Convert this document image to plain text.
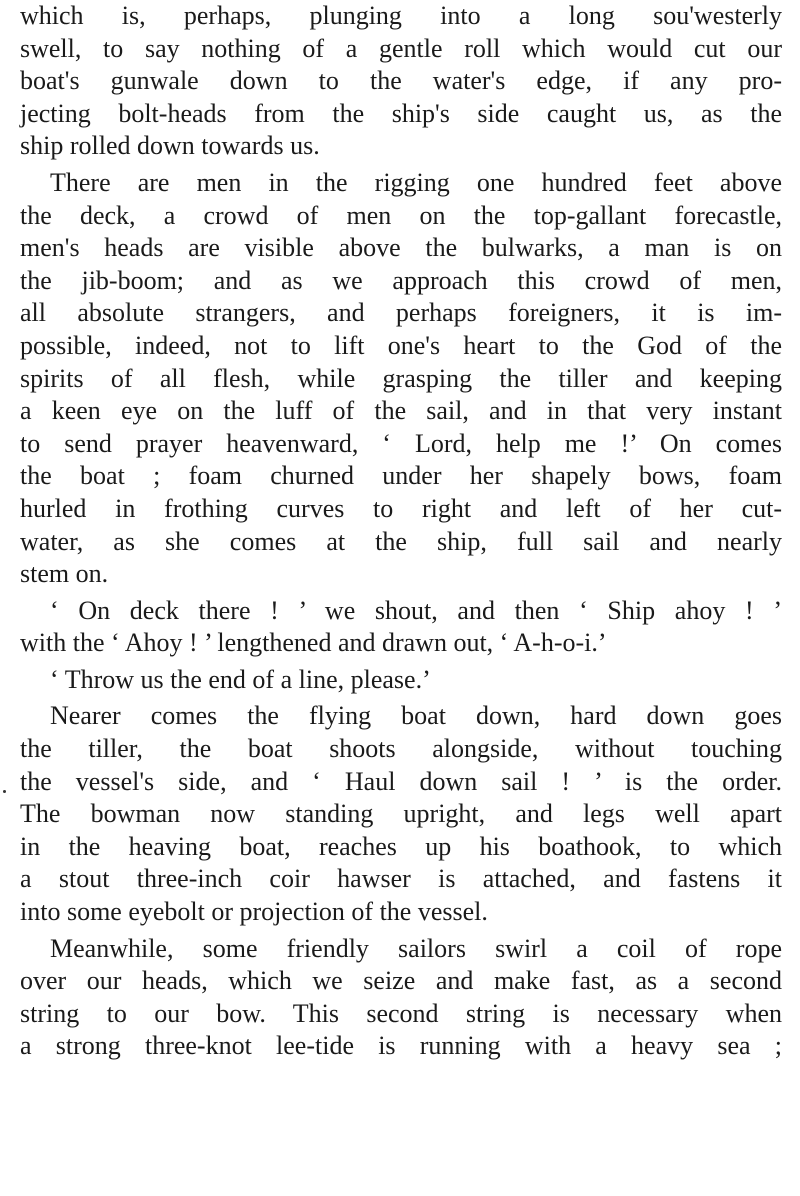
which is, perhaps, plunging into a long sou'westerly
swell, to say nothing of a gentle roll which would cut our
boat's gunwale down to the water's edge, if any pro-
jecting bolt-heads from the ship's side caught us, as the
ship rolled down towards us.
There are men in the rigging one hundred feet above
the deck, a crowd of men on the top-gallant forecastle,
men's heads are visible above the bulwarks, a man is on
the jib-boom; and as we approach this crowd of men,
all absolute strangers, and perhaps foreigners, it is im-
possible, indeed, not to lift one's heart to the God of the
spirits of all flesh, while grasping the tiller and keeping
a keen eye on the luff of the sail, and in that very instant
to send prayer heavenward, ‘ Lord, help me !’ On comes
the boat ; foam churned under her shapely bows, foam
hurled in frothing curves to right and left of her cut-
water, as she comes at the ship, full sail and nearly
stem on.
‘ On deck there ! ’ we shout, and then ‘ Ship ahoy ! ’
with the ‘ Ahoy ! ’ lengthened and drawn out, ‘ A-h-o-i.’
‘ Throw us the end of a line, please.’
Nearer comes the flying boat down, hard down goes
the tiller, the boat shoots alongside, without touching
the vessel's side, and ‘ Haul down sail ! ’ is the order.
The bowman now standing upright, and legs well apart
in the heaving boat, reaches up his boathook, to which
a stout three-inch coir hawser is attached, and fastens it
into some eyebolt or projection of the vessel.
Meanwhile, some friendly sailors swirl a coil of rope
over our heads, which we seize and make fast, as a second
string to our bow. This second string is necessary when
a strong three-knot lee-tide is running with a heavy sea ;
